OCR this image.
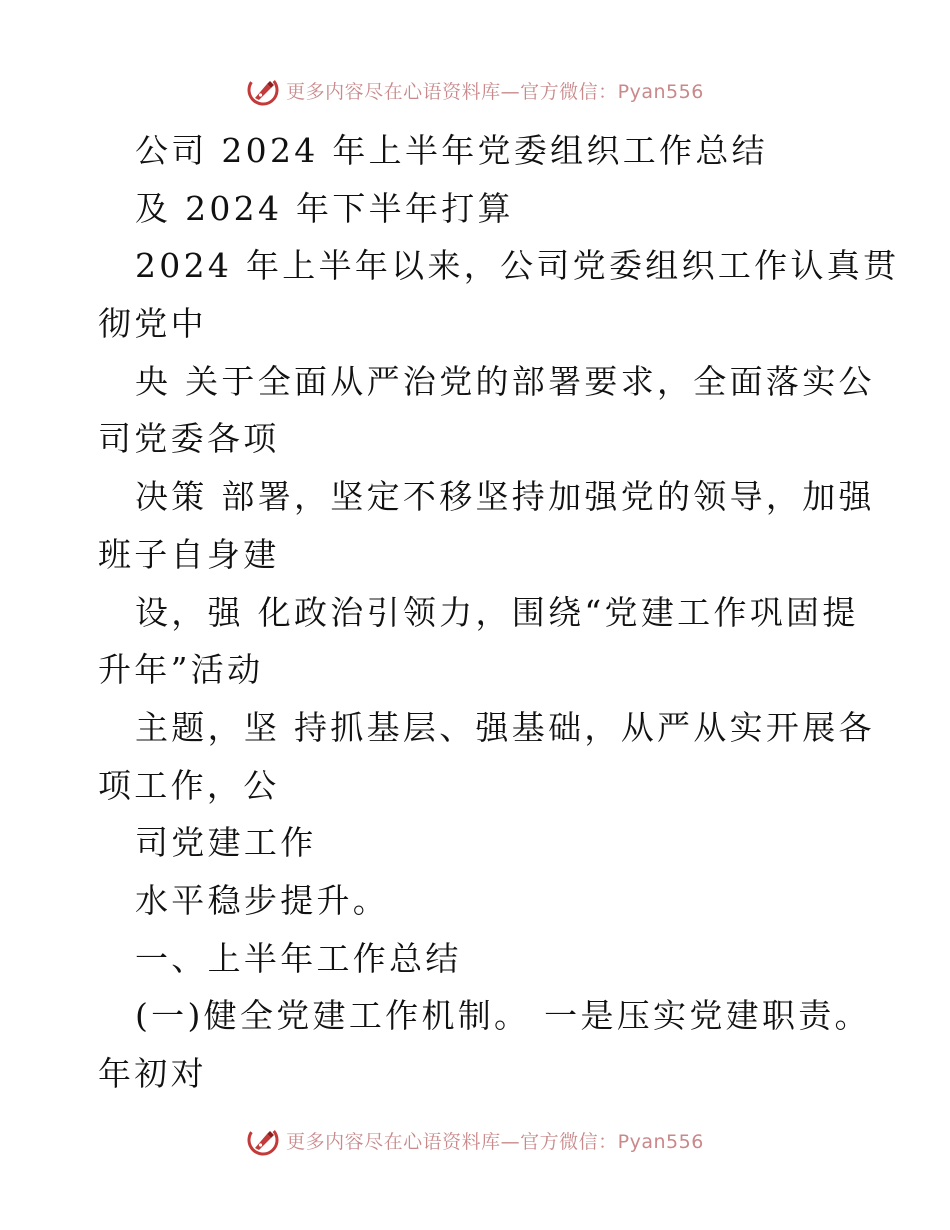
更多内容尽在心语资料库—官方微信：Pyan556
公司 2024 年上半年党委组织工作总结
及 2024 年下半年打算
2024 年上半年以来，公司党委组织工作认真贯
彻党中
央 关于全面从严治党的部署要求，全面落实公
司党委各项
决策 部署，坚定不移坚持加强党的领导，加强
班子自身建
设，强 化政治引领力，围绕“党建工作巩固提
升年”活动
主题，坚 持抓基层、强基础，从严从实开展各
项工作，公
司党建工作
水平稳步提升。
一、上半年工作总结
(一)健全党建工作机制。 一是压实党建职责。
年初对
更多内容尽在心语资料库—官方微信：Pyan556
